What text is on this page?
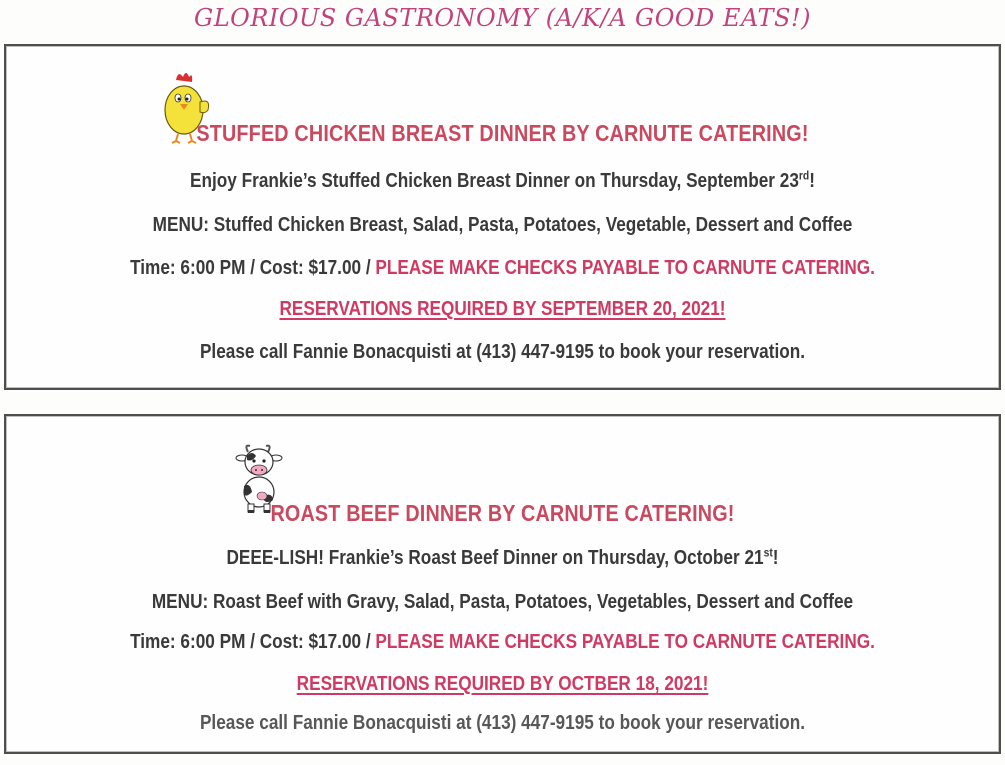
GLORIOUS GASTRONOMY (A/K/A GOOD EATS!)
STUFFED CHICKEN BREAST DINNER BY CARNUTE CATERING!
Enjoy Frankie’s Stuffed Chicken Breast Dinner on Thursday, September 23rd!
MENU: Stuffed Chicken Breast, Salad, Pasta, Potatoes, Vegetable, Dessert and Coffee
Time: 6:00 PM / Cost: $17.00 / PLEASE MAKE CHECKS PAYABLE TO CARNUTE CATERING.
RESERVATIONS REQUIRED BY SEPTEMBER 20, 2021!
Please call Fannie Bonacquisti at (413) 447-9195 to book your reservation.
ROAST BEEF DINNER BY CARNUTE CATERING!
DEEE-LISH! Frankie’s Roast Beef Dinner on Thursday, October 21st!
MENU: Roast Beef with Gravy, Salad, Pasta, Potatoes, Vegetables, Dessert and Coffee
Time: 6:00 PM / Cost: $17.00 / PLEASE MAKE CHECKS PAYABLE TO CARNUTE CATERING.
RESERVATIONS REQUIRED BY OCTBER 18, 2021!
Please call Fannie Bonacquisti at (413) 447-9195 to book your reservation.
